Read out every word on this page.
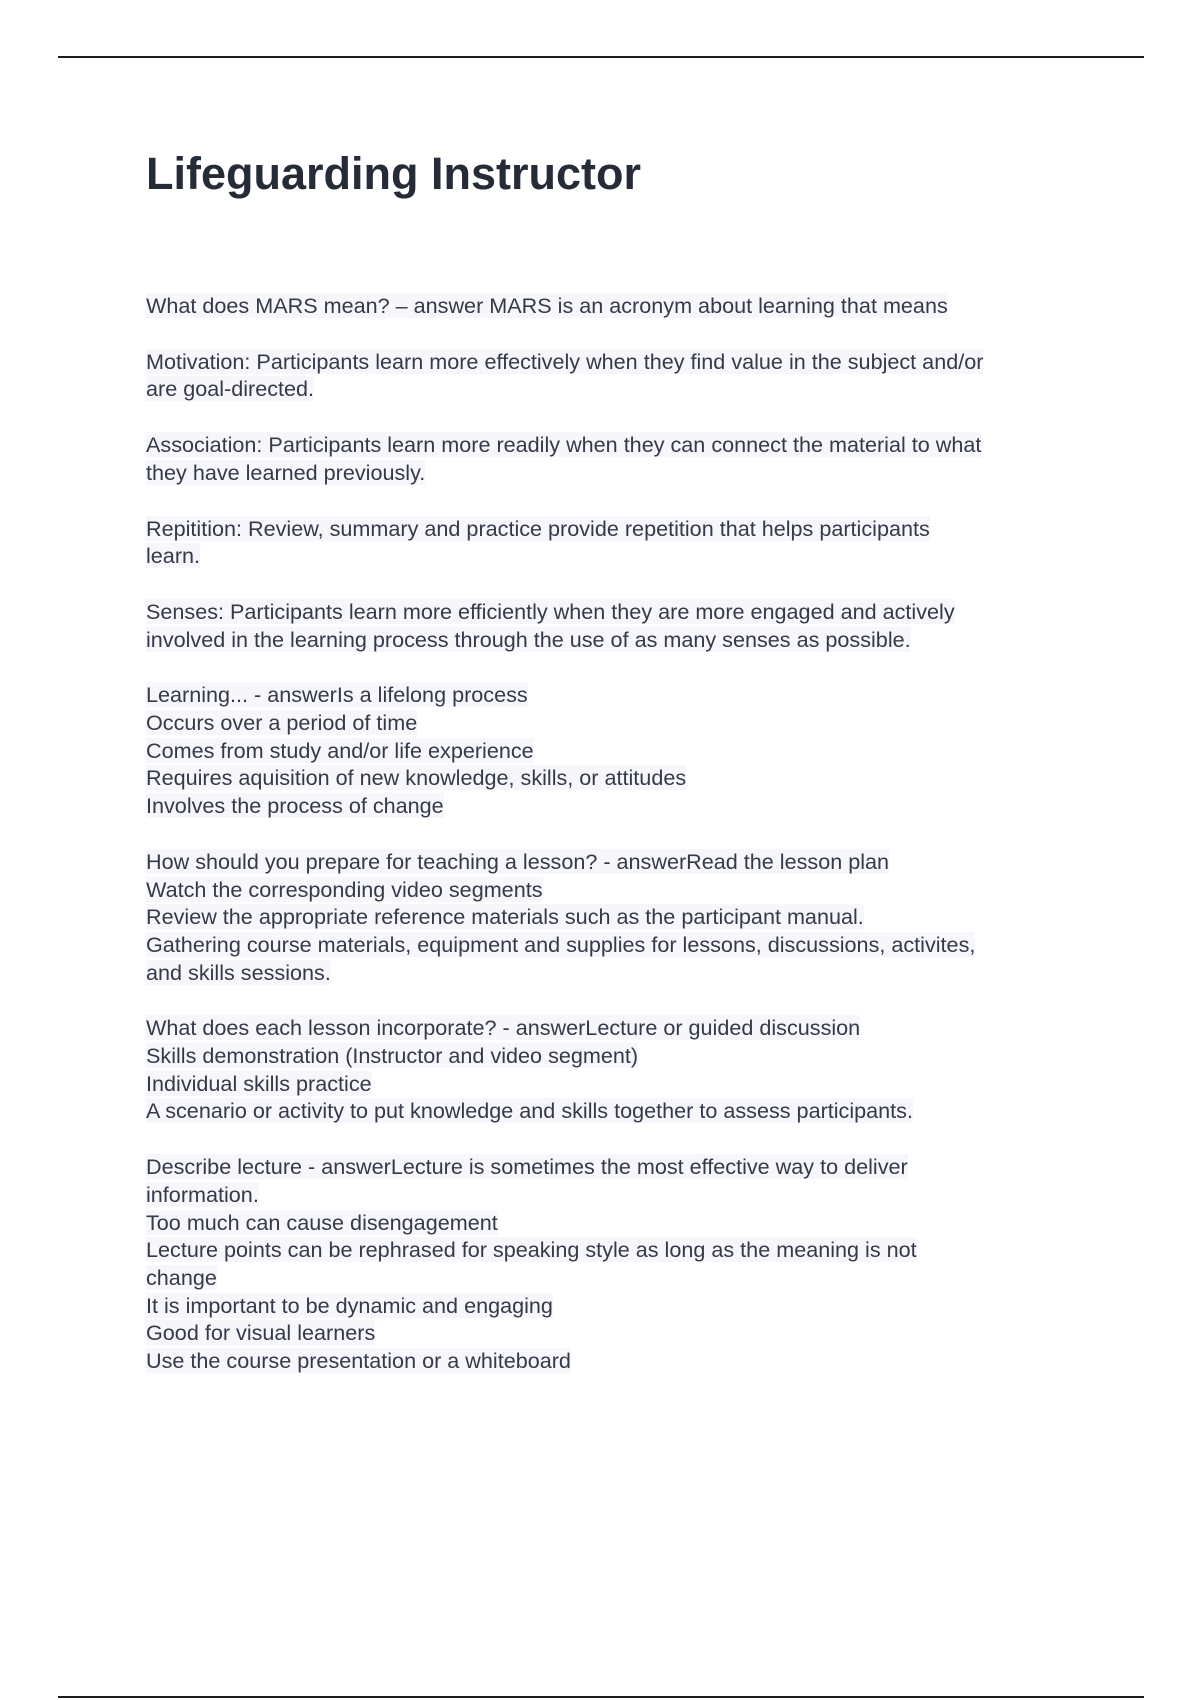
Lifeguarding Instructor
What does MARS mean? – answer MARS is an acronym about learning that means
Motivation: Participants learn more effectively when they find value in the subject and/or
are goal-directed.
Association: Participants learn more readily when they can connect the material to what
they have learned previously.
Repitition: Review, summary and practice provide repetition that helps participants
learn.
Senses: Participants learn more efficiently when they are more engaged and actively
involved in the learning process through the use of as many senses as possible.
Learning... - answerIs a lifelong process
Occurs over a period of time
Comes from study and/or life experience
Requires aquisition of new knowledge, skills, or attitudes
Involves the process of change
How should you prepare for teaching a lesson? - answerRead the lesson plan
Watch the corresponding video segments
Review the appropriate reference materials such as the participant manual.
Gathering course materials, equipment and supplies for lessons, discussions, activites,
and skills sessions.
What does each lesson incorporate? - answerLecture or guided discussion
Skills demonstration (Instructor and video segment)
Individual skills practice
A scenario or activity to put knowledge and skills together to assess participants.
Describe lecture - answerLecture is sometimes the most effective way to deliver
information.
Too much can cause disengagement
Lecture points can be rephrased for speaking style as long as the meaning is not
change
It is important to be dynamic and engaging
Good for visual learners
Use the course presentation or a whiteboard
